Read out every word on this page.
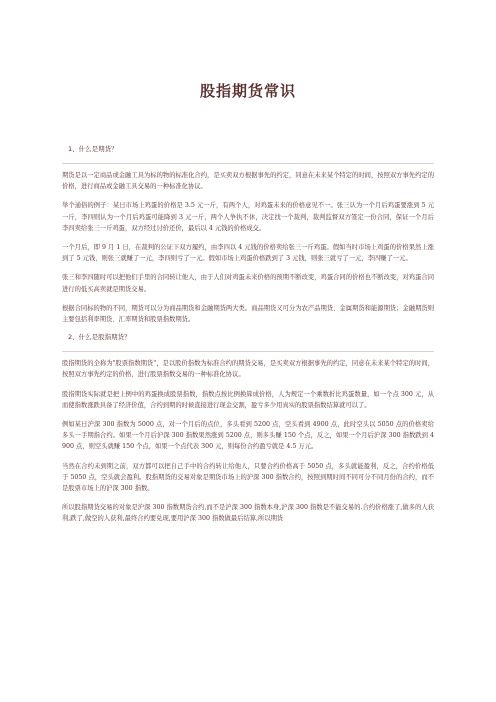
股指期货常识
1、什么是期货？

期货是以一定商品或金融工具为标的物的标准化合约，是买卖双方根据事先的约定，同意在未来某个特定的时间，按照双方事先约定的价格，进行商品或金融工具交易的一种标准化协议。

举个通俗的例子：某日市场上鸡蛋的价格是 3.5 元一斤，有两个人，对鸡蛋未来的价格意见不一。张三认为一个月后鸡蛋要涨到 5 元一斤，李四则认为一个月后鸡蛋可能降到 3 元一斤，两个人争执不休，决定找一个裁判，裁判监督双方签定一份合同，保证一个月后李四卖给张三一斤鸡蛋，双方经过讨价还价，最后以 4 元钱的价格成交。

一个月后，即 9 月 1 日，在裁判的公证下双方履约，由李四以 4 元钱的价格卖给张三一斤鸡蛋。假如当时市场上鸡蛋的价格果然上涨到了 5 元钱，则张三就赚了一元，李四则亏了一元。假如市场上鸡蛋价格跌到了 3 元钱，则张三就亏了一元，李四赚了一元。

张三和李四随时可以把他们手里的合同转让他人，由于人们对鸡蛋未来价格的预期不断改变，鸡蛋合同的价格也不断改变，对鸡蛋合同进行的低买高卖就是期货交易。

根据合同标的物的不同，期货可以分为商品期货和金融期货两大类。商品期货又可分为农产品期货、金属期货和能源期货；金融期货则主要包括利率期货、汇率期货和股票指数期货。

2、什么是股指期货？

股指期货的全称为"股票指数期货"，是以股价指数为标准合约的期货交易，是买卖双方根据事先的约定，同意在未来某个特定的时间，按照双方事先约定的价格，进行股票指数交易的一种标准化协议。

股指期货实际就是把上例中的鸡蛋换成股票指数，指数点按比例换算成价格，人为规定一个乘数折比鸡蛋数量，如一个点 300 元，从而使指数涨跌具备了经济价值，合约到期的时候直接进行现金交割，盈亏多少用真实的股票指数结算就可以了。

例如某日沪深 300 指数为 5000 点，对一个月后的点位，多头看到 5200 点，空头看到 4900 点，此时空头以 5050 点的价格卖给多头一手期指合约。如果一个月后沪深 300 指数果然涨到 5200 点，则多头赚 150 个点，反之，如果一个月后沪深 300 指数跌到 4900 点，则空头就赚 150 个点，如果一个点代表 300 元，则每份合约盈亏就是 4.5 万元。

当然在合约未到期之前，双方都可以把自己手中的合约转让给他人，只要合约价格高于 5050 点，多头就能盈利，反之，合约价格低于 5050 点，空头就会盈利。股指期货的交易对象是期货市场上的沪深 300 指数合约，按照到期时间不同可分不同月份的合约，而不是股票市场上的沪深 300 指数。

所以股指期货交易的对象是沪深 300 指数期货合约,而不是沪深 300 指数本身,沪深 300 指数是不能交易的.合约价格涨了,做多的人获利,跌了,做空的人获利,最终合约要兑现,要用沪深 300 指数做最后结算,所以期货
